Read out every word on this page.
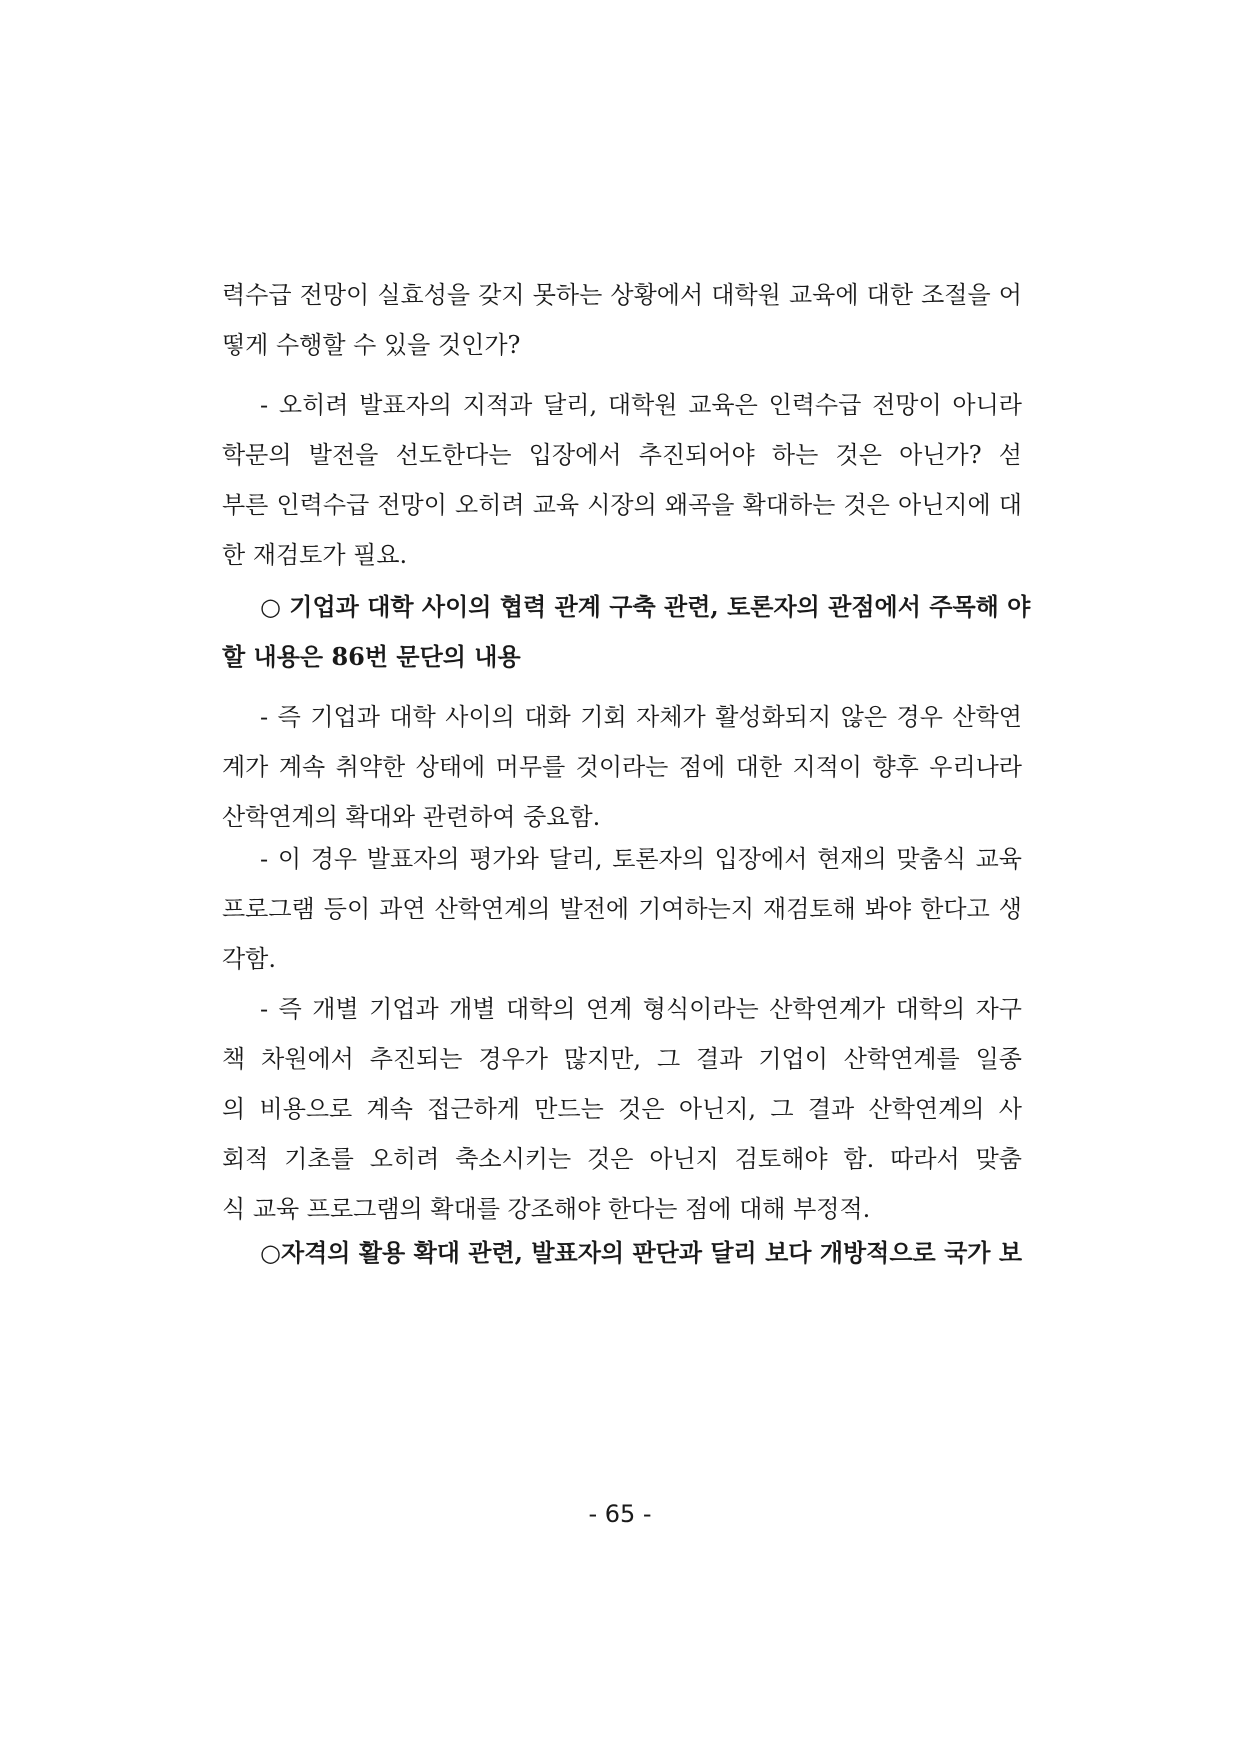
력수급 전망이 실효성을 갖지 못하는 상황에서 대학원 교육에 대한 조절을 어
떻게 수행할 수 있을 것인가?
- 오히려 발표자의 지적과 달리, 대학원 교육은 인력수급 전망이 아니라
학문의 발전을 선도한다는 입장에서 추진되어야 하는 것은 아닌가? 섣
부른 인력수급 전망이 오히려 교육 시장의 왜곡을 확대하는 것은 아닌지에 대
한 재검토가 필요.
○ 기업과 대학 사이의 협력 관계 구축 관련, 토론자의 관점에서 주목해 야
할 내용은 86번 문단의 내용
- 즉 기업과 대학 사이의 대화 기회 자체가 활성화되지 않은 경우 산학연
계가 계속 취약한 상태에 머무를 것이라는 점에 대한 지적이 향후 우리나라
산학연계의 확대와 관련하여 중요함.
- 이 경우 발표자의 평가와 달리, 토론자의 입장에서 현재의 맞춤식 교육
프로그램 등이 과연 산학연계의 발전에 기여하는지 재검토해 봐야 한다고 생
각함.
- 즉 개별 기업과 개별 대학의 연계 형식이라는 산학연계가 대학의 자구
책 차원에서 추진되는 경우가 많지만, 그 결과 기업이 산학연계를 일종
의 비용으로 계속 접근하게 만드는 것은 아닌지, 그 결과 산학연계의 사
회적 기초를 오히려 축소시키는 것은 아닌지 검토해야 함. 따라서 맞춤
식 교육 프로그램의 확대를 강조해야 한다는 점에 대해 부정적.
○자격의 활용 확대 관련, 발표자의 판단과 달리 보다 개방적으로 국가 보
- 65 -
